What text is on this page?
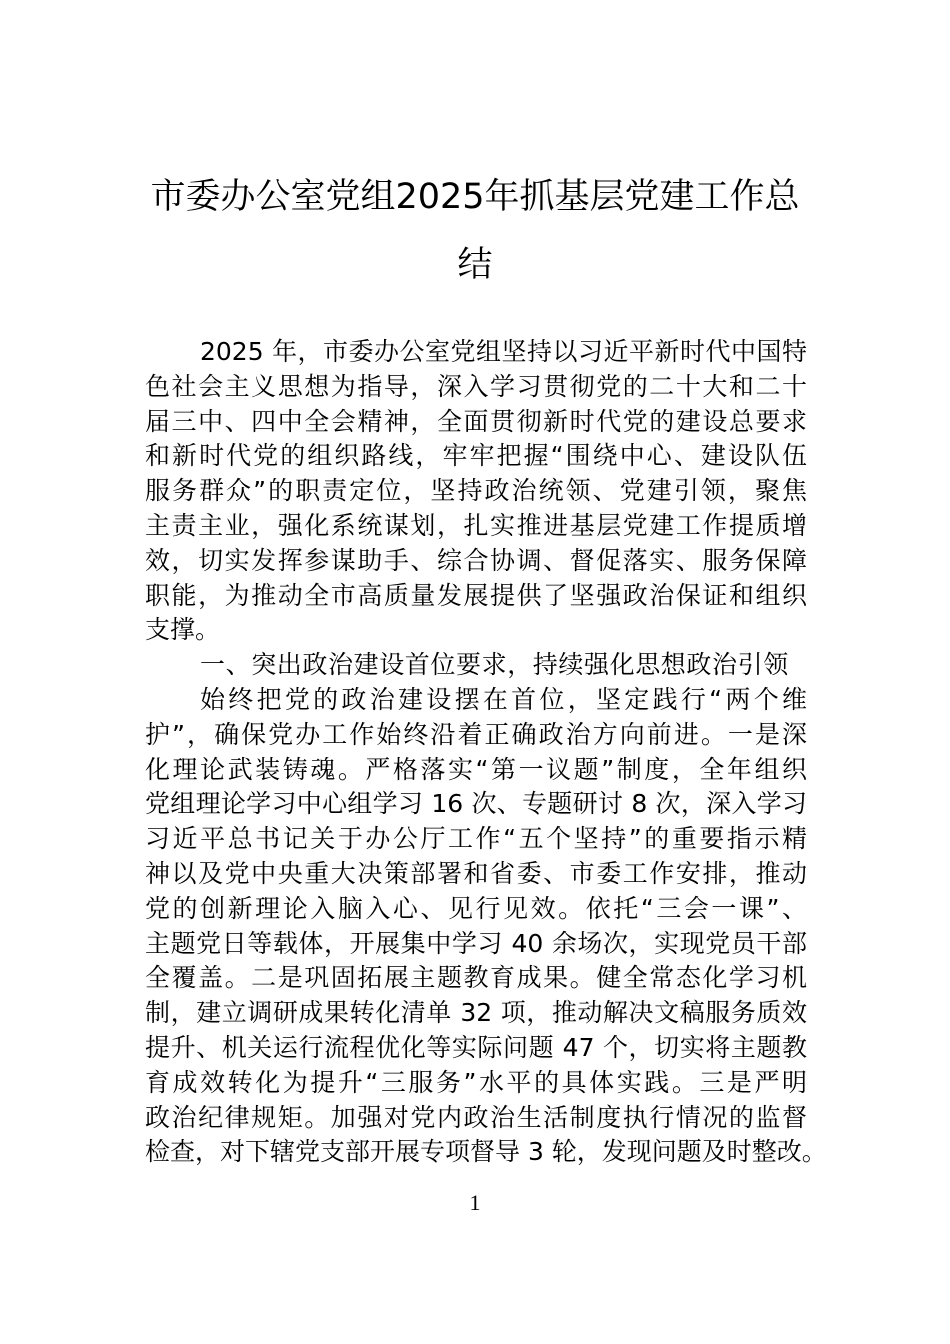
市委办公室党组2025年抓基层党建工作总
结
2025 年，市委办公室党组坚持以习近平新时代中国特
色社会主义思想为指导，深入学习贯彻党的二十大和二十
届三中、四中全会精神，全面贯彻新时代党的建设总要求
和新时代党的组织路线，牢牢把握“围绕中心、建设队伍
服务群众”的职责定位，坚持政治统领、党建引领，聚焦
主责主业，强化系统谋划，扎实推进基层党建工作提质增
效，切实发挥参谋助手、综合协调、督促落实、服务保障
职能，为推动全市高质量发展提供了坚强政治保证和组织
支撑。
一、突出政治建设首位要求，持续强化思想政治引领
始终把党的政治建设摆在首位，坚定践行“两个维
护”，确保党办工作始终沿着正确政治方向前进。一是深
化理论武装铸魂。严格落实“第一议题”制度，全年组织
党组理论学习中心组学习 16 次、专题研讨 8 次，深入学习
习近平总书记关于办公厅工作“五个坚持”的重要指示精
神以及党中央重大决策部署和省委、市委工作安排，推动
党的创新理论入脑入心、见行见效。依托“三会一课”、
主题党日等载体，开展集中学习 40 余场次，实现党员干部
全覆盖。二是巩固拓展主题教育成果。健全常态化学习机
制，建立调研成果转化清单 32 项，推动解决文稿服务质效
提升、机关运行流程优化等实际问题 47 个，切实将主题教
育成效转化为提升“三服务”水平的具体实践。三是严明
政治纪律规矩。加强对党内政治生活制度执行情况的监督
检查，对下辖党支部开展专项督导 3 轮，发现问题及时整改。
1
